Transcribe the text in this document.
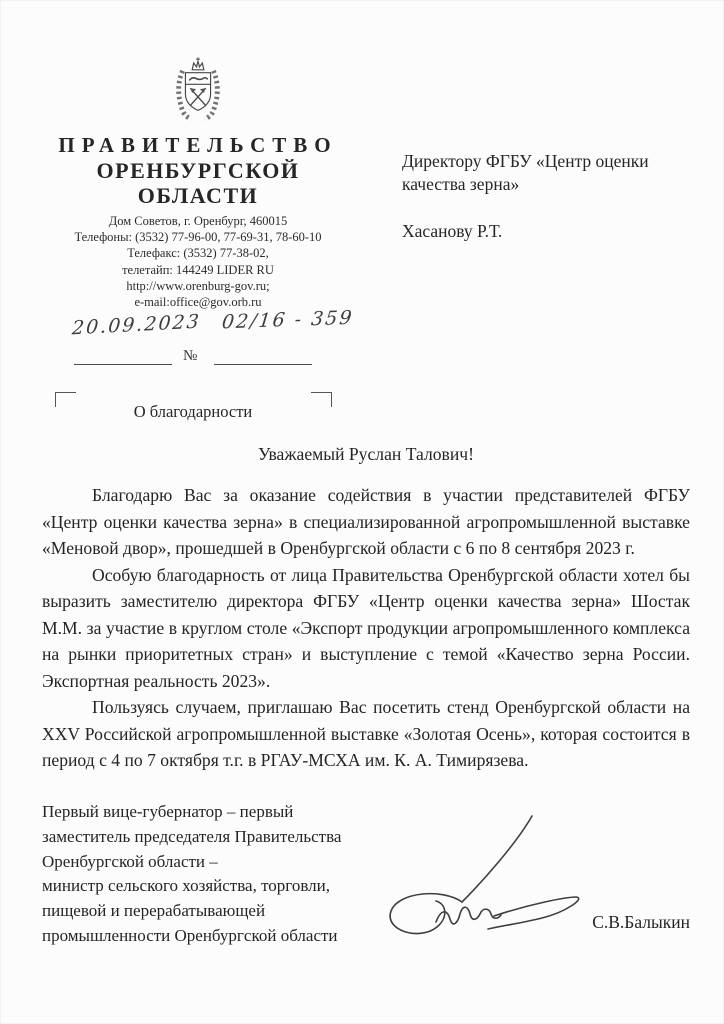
ПРАВИТЕЛЬСТВО
ОРЕНБУРГСКОЙ
ОБЛАСТИ
Дом Советов, г. Оренбург, 460015
Телефоны: (3532) 77-96-00, 77-69-31, 78-60-10
Телефакс: (3532) 77-38-02,
телетайп: 144249 LIDER RU
http://www.orenburg-gov.ru;
e-mail:office@gov.orb.ru
Директору ФГБУ «Центр оценки качества зерна»
Хасанову Р.Т.
20.09.2023 02/16 - 359
№
О благодарности
Уважаемый Руслан Талович!

Благодарю Вас за оказание содействия в участии представителей ФГБУ «Центр оценки качества зерна» в специализированной агропромышленной выставке «Меновой двор», прошедшей в Оренбургской области с 6 по 8 сентября 2023 г.

Особую благодарность от лица Правительства Оренбургской области хотел бы выразить заместителю директора ФГБУ «Центр оценки качества зерна» Шостак М.М. за участие в круглом столе «Экспорт продукции агропромышленного комплекса на рынки приоритетных стран» и выступление с темой «Качество зерна России. Экспортная реальность 2023».

Пользуясь случаем, приглашаю Вас посетить стенд Оренбургской области на XXV Российской агропромышленной выставке «Золотая Осень», которая состоится в период с 4 по 7 октября т.г. в РГАУ-МСХА им. К. А. Тимирязева.

Первый вице-губернатор – первый
заместитель председателя Правительства
Оренбургской области –
министр сельского хозяйства, торговли,
пищевой и перерабатывающей
промышленности Оренбургской области
С.В.Балыкин
